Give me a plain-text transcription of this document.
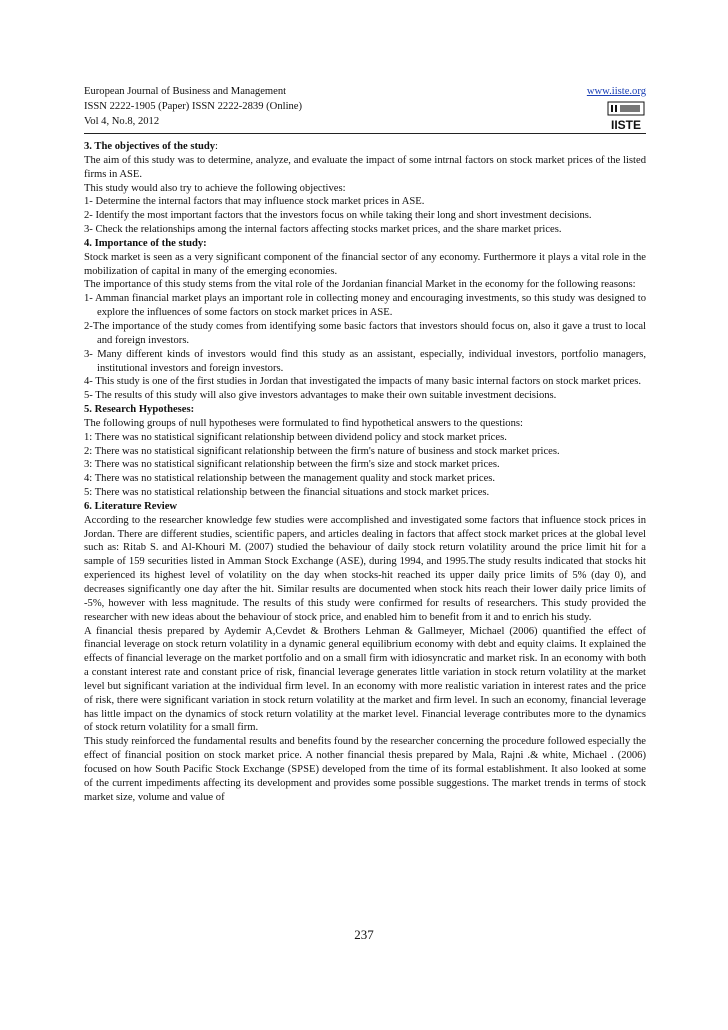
European Journal of Business and Management
ISSN 2222-1905 (Paper) ISSN 2222-2839 (Online)
Vol 4, No.8, 2012
www.iiste.org
IISTE

3. The objectives of the study:

The aim of this study was to determine, analyze, and evaluate the impact of some intrnal factors on stock market prices of the listed firms in ASE.

This study would also try to achieve the following objectives:

1- Determine the internal factors that may influence stock market prices in ASE.

2- Identify the most important factors that the investors focus on while taking their long and short investment decisions.

3- Check the relationships among the internal factors affecting stocks market prices, and the share market prices.

4. Importance of the study:

Stock market is seen as a very significant component of the financial sector of any economy. Furthermore it plays a vital role in the mobilization of capital in many of the emerging economies.

The importance of this study stems from the vital role of the Jordanian financial Market in the economy for the following reasons:

1- Amman financial market plays an important role in collecting money and encouraging investments, so this study was designed to explore the influences of some factors on stock market prices in ASE.

2-The importance of the study comes from identifying some basic factors that investors should focus on, also it gave a trust to local and foreign investors.

3- Many different kinds of investors would find this study as an assistant, especially, individual investors, portfolio managers, institutional investors and foreign investors.

4- This study is one of the first studies in Jordan that investigated the impacts of many basic internal factors on stock market prices.

5- The results of this study will also give investors advantages to make their own suitable investment decisions.

5. Research Hypotheses:

The following groups of null hypotheses were formulated to find hypothetical answers to the questions:

1: There was no statistical significant relationship between dividend policy and stock market prices.

2: There was no statistical significant relationship between the firm's nature of business and stock market prices.

3: There was no statistical significant relationship between the firm's size and stock market prices.

4: There was no statistical relationship between the management quality and stock market prices.

5: There was no statistical relationship between the financial situations and stock market prices.

6. Literature Review

According to the researcher knowledge few studies were accomplished and investigated some factors that influence stock prices in Jordan. There are different studies, scientific papers, and articles dealing in factors that affect stock market prices at the global level such as: Ritab S. and Al-Khouri M. (2007) studied the behaviour of daily stock return volatility around the price limit hit for a sample of 159 securities listed in Amman Stock Exchange (ASE), during 1994, and 1995.The study results indicated that stocks hit experienced its highest level of volatility on the day when stocks-hit reached its upper daily price limits of 5% (day 0), and decreases significantly one day after the hit. Similar results are documented when stock hits reach their lower daily price limits of -5%, however with less magnitude. The results of this study were confirmed for results of researchers. This study provided the researcher with new ideas about the behaviour of stock price, and enabled him to benefit from it and to enrich his study.

A financial thesis prepared by Aydemir A,Cevdet & Brothers Lehman & Gallmeyer, Michael (2006) quantified the effect of financial leverage on stock return volatility in a dynamic general equilibrium economy with debt and equity claims. It explained the effects of financial leverage on the market portfolio and on a small firm with idiosyncratic and market risk. In an economy with both a constant interest rate and constant price of risk, financial leverage generates little variation in stock return volatility at the market level but significant variation at the individual firm level. In an economy with more realistic variation in interest rates and the price of risk, there were significant variation in stock return volatility at the market and firm level. In such an economy, financial leverage has little impact on the dynamics of stock return volatility at the market level. Financial leverage contributes more to the dynamics of stock return volatility for a small firm.

This study reinforced the fundamental results and benefits found by the researcher concerning the procedure followed especially the effect of financial position on stock market price. A nother financial thesis prepared by Mala, Rajni .& white, Michael . (2006) focused on how South Pacific Stock Exchange (SPSE) developed from the time of its formal establishment. It also looked at some of the current impediments affecting its development and provides some possible suggestions. The market trends in terms of stock market size, volume and value of

237
